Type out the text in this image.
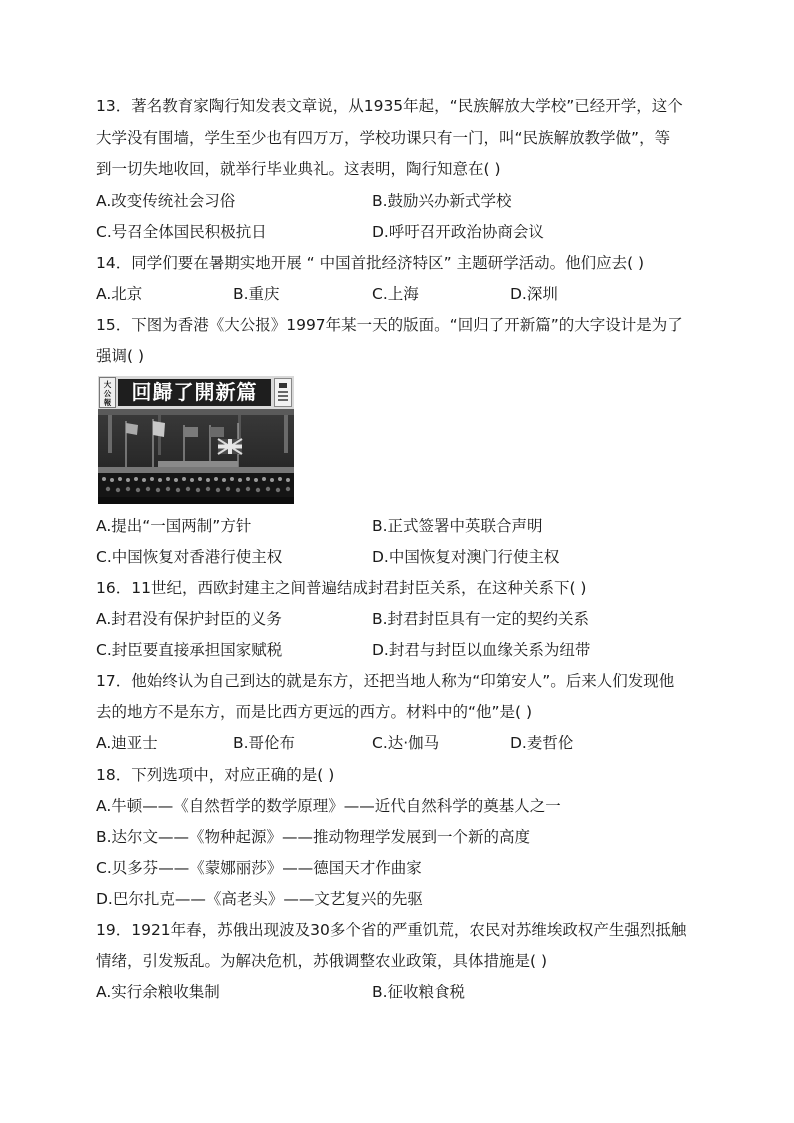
13．著名教育家陶行知发表文章说，从1935年起，“民族解放大学校”已经开学，这个
大学没有围墙，学生至少也有四万万，学校功课只有一门，叫“民族解放教学做”，等
到一切失地收回，就举行毕业典礼。这表明，陶行知意在( )
A.改变传统社会习俗	B.鼓励兴办新式学校
C.号召全体国民积极抗日	D.呼吁召开政治协商会议
14．同学们要在暑期实地开展 “ 中国首批经济特区” 主题研学活动。他们应去( )
A.北京	B.重庆	C.上海	D.深圳
15．下图为香港《大公报》1997年某一天的版面。“回归了开新篇”的大字设计是为了
强调( )
大
公
報	回歸了開新篇
A.提出“一国两制”方针	B.正式签署中英联合声明
C.中国恢复对香港行使主权	D.中国恢复对澳门行使主权
16．11世纪，西欧封建主之间普遍结成封君封臣关系，在这种关系下( )
A.封君没有保护封臣的义务	B.封君封臣具有一定的契约关系
C.封臣要直接承担国家赋税	D.封君与封臣以血缘关系为纽带
17．他始终认为自己到达的就是东方，还把当地人称为“印第安人”。后来人们发现他
去的地方不是东方，而是比西方更远的西方。材料中的“他”是( )
A.迪亚士	B.哥伦布	C.达·伽马	D.麦哲伦
18．下列选项中，对应正确的是( )
A.牛顿——《自然哲学的数学原理》——近代自然科学的奠基人之一
B.达尔文——《物种起源》——推动物理学发展到一个新的高度
C.贝多芬——《蒙娜丽莎》——德国天才作曲家
D.巴尔扎克——《高老头》——文艺复兴的先驱
19．1921年春，苏俄出现波及30多个省的严重饥荒，农民对苏维埃政权产生强烈抵触
情绪，引发叛乱。为解决危机，苏俄调整农业政策，具体措施是( )
A.实行余粮收集制	B.征收粮食税
